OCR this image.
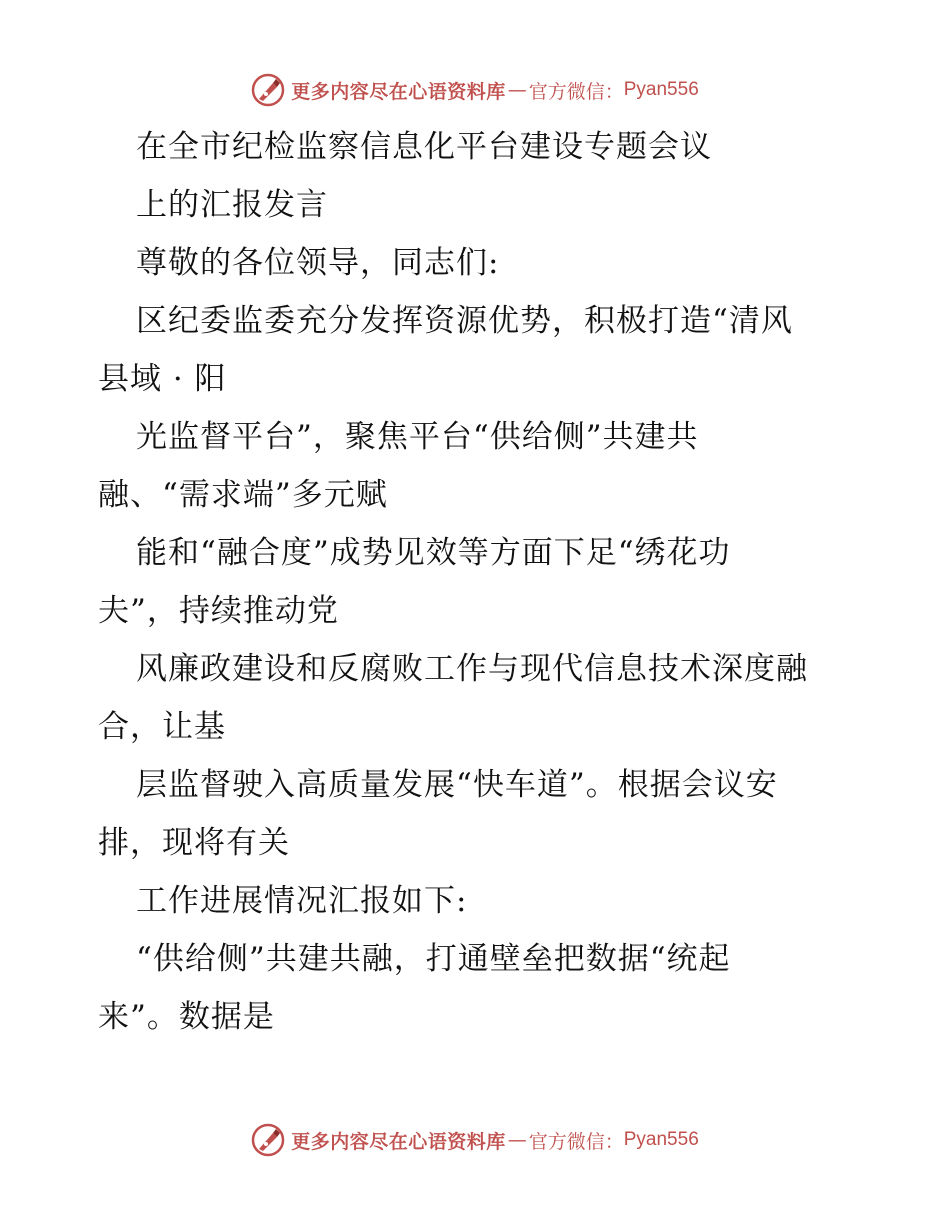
更多内容尽在心语资料库 — 官方微信： Pyan556
在全市纪检监察信息化平台建设专题会议
上的汇报发言
尊敬的各位领导，同志们:
区纪委监委充分发挥资源优势，积极打造“清风
县域 · 阳
光监督平台”，聚焦平台“供给侧”共建共
融、“需求端”多元赋
能和“融合度”成势见效等方面下足“绣花功
夫”，持续推动党
风廉政建设和反腐败工作与现代信息技术深度融
合，让基
层监督驶入高质量发展“快车道”。根据会议安
排，现将有关
工作进展情况汇报如下:
“供给侧”共建共融，打通壁垒把数据“统起
来”。数据是
更多内容尽在心语资料库 — 官方微信： Pyan556
